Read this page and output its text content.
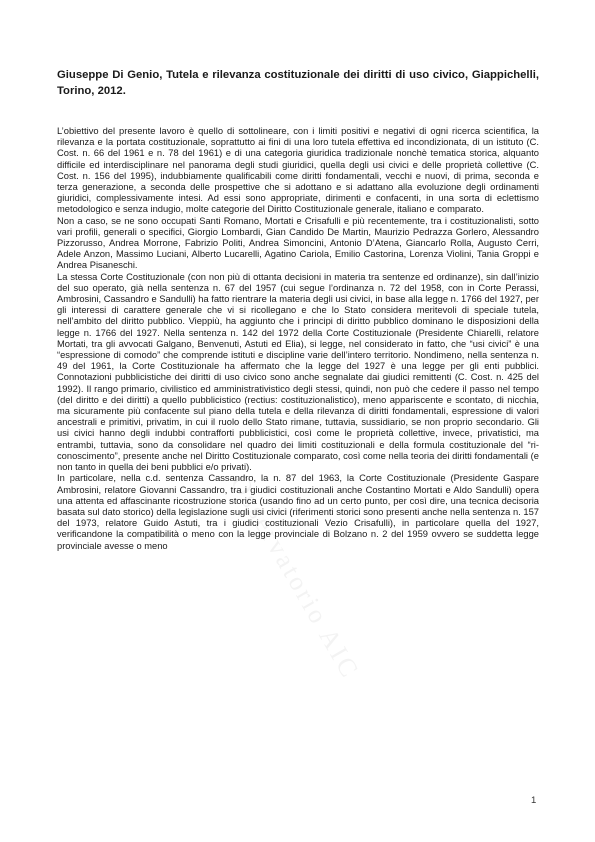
Osservatorio AIC
Giuseppe Di Genio, Tutela e rilevanza costituzionale dei diritti di uso civico, Giappichelli, Torino, 2012.

L’obiettivo del presente lavoro è quello di sottolineare, con i limiti positivi e negativi di ogni ricerca scientifica, la rilevanza e la portata costituzionale, soprattutto ai fini di una loro tutela effettiva ed incondizionata, di un istituto (C. Cost. n. 66 del 1961 e n. 78 del 1961) e di una categoria giuridica tradizionale nonchè tematica storica, alquanto difficile ed interdisciplinare nel panorama degli studi giuridici, quella degli usi civici e delle proprietà collettive (C. Cost. n. 156 del 1995), indubbiamente qualificabili come diritti fondamentali, vecchi e nuovi, di prima, seconda e terza generazione, a seconda delle prospettive che si adottano e si adattano alla evoluzione degli ordinamenti giuridici, complessivamente intesi. Ad essi sono appropriate, dirimenti e confacenti, in una sorta di eclettismo metodologico e senza indugio, molte categorie del Diritto Costituzionale generale, italiano e comparato.

Non a caso, se ne sono occupati Santi Romano, Mortati e Crisafulli e più recentemente, tra i costituzionalisti, sotto vari profili, generali o specifici, Giorgio Lombardi, Gian Candido De Martin, Maurizio Pedrazza Gorlero, Alessandro Pizzorusso, Andrea Morrone, Fabrizio Politi, Andrea Simoncini, Antonio D’Atena, Giancarlo Rolla, Augusto Cerri, Adele Anzon, Massimo Luciani, Alberto Lucarelli, Agatino Cariola, Emilio Castorina, Lorenza Violini, Tania Groppi e Andrea Pisaneschi.

La stessa Corte Costituzionale (con non più di ottanta decisioni in materia tra sentenze ed ordinanze), sin dall’inizio del suo operato, già nella sentenza n. 67 del 1957 (cui segue l’ordinanza n. 72 del 1958, con in Corte Perassi, Ambrosini, Cassandro e Sandulli) ha fatto rientrare la materia degli usi civici, in base alla legge n. 1766 del 1927, per gli interessi di carattere generale che vi si ricollegano e che lo Stato considera meritevoli di speciale tutela, nell’ambito del diritto pubblico. Vieppiù, ha aggiunto che i principi di diritto pubblico dominano le disposizioni della legge n. 1766 del 1927. Nella sentenza n. 142 del 1972 della Corte Costituzionale (Presidente Chiarelli, relatore Mortati, tra gli avvocati Galgano, Benvenuti, Astuti ed Elia), si legge, nel considerato in fatto, che “usi civici” è una “espressione di comodo” che comprende istituti e discipline varie dell’intero territorio. Nondimeno, nella sentenza n. 49 del 1961, la Corte Costituzionale ha affermato che la legge del 1927 è una legge per gli enti pubblici. Connotazioni pubblicistiche dei diritti di uso civico sono anche segnalate dai giudici remittenti (C. Cost. n. 425 del 1992). Il rango primario, civilistico ed amministrativistico degli stessi, quindi, non può che cedere il passo nel tempo (del diritto e dei diritti) a quello pubblicistico (rectius: costituzionalistico), meno appariscente e scontato, di nicchia, ma sicuramente più confacente sul piano della tutela e della rilevanza di diritti fondamentali, espressione di valori ancestrali e primitivi, privatim, in cui il ruolo dello Stato rimane, tuttavia, sussidiario, se non proprio secondario. Gli usi civici hanno degli indubbi contrafforti pubblicistici, così come le proprietà collettive, invece, privatistici, ma entrambi, tuttavia, sono da consolidare nel quadro dei limiti costituzionali e della formula costituzionale del “ri-conoscimento”, presente anche nel Diritto Costituzionale comparato, così come nella teoria dei diritti fondamentali (e non tanto in quella dei beni pubblici e/o privati).

In particolare, nella c.d. sentenza Cassandro, la n. 87 del 1963, la Corte Costituzionale (Presidente Gaspare Ambrosini, relatore Giovanni Cassandro, tra i giudici costituzionali anche Costantino Mortati e Aldo Sandulli) opera una attenta ed affascinante ricostruzione storica (usando fino ad un certo punto, per così dire, una tecnica decisoria basata sul dato storico) della legislazione sugli usi civici (riferimenti storici sono presenti anche nella sentenza n. 157 del 1973, relatore Guido Astuti, tra i giudici costituzionali Vezio Crisafulli), in particolare quella del 1927, verificandone la compatibilità o meno con la legge provinciale di Bolzano n. 2 del 1959 ovvero se suddetta legge provinciale avesse o meno

1
